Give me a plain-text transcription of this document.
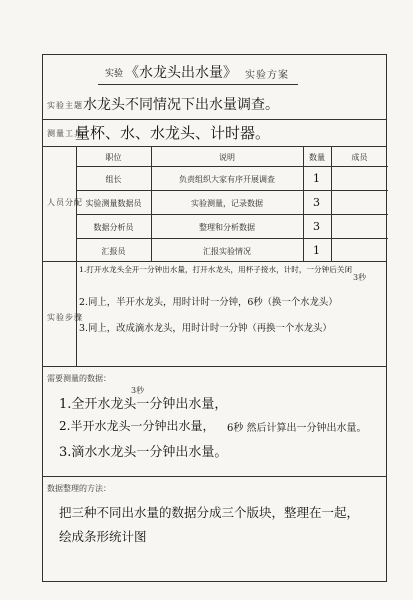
实验 《水龙头出水量》 实验方案
实验主题 水龙头不同情况下出水量调查。
测量工具
量杯、水、水龙头、计时器。
人员分配
职位	说明	数量	成员
组长	负责组织大家有序开展调查	1
实验测量数据员	实验测量，记录数据	3
数据分析员	整理和分析数据	3
汇报员	汇报实验情况	1
实验步骤
3秒
1.打开水龙头全开一分钟出水量，打开水龙头，用杯子接水，计时，一分钟后关闭
2.同上，半开水龙头，用时计时一分钟，6秒（换一个水龙头）
3.同上，改成滴水龙头，用时计时一分钟（再换一个水龙头）
需要测量的数据：
3秒
1.全开水龙头一分钟出水量，
2.半开水龙头一分钟出水量， 6秒 然后计算出一分钟出水量。
3.滴水水龙头一分钟出水量。
数据整理的方法：
把三种不同出水量的数据分成三个版块，整理在一起，
绘成条形统计图
